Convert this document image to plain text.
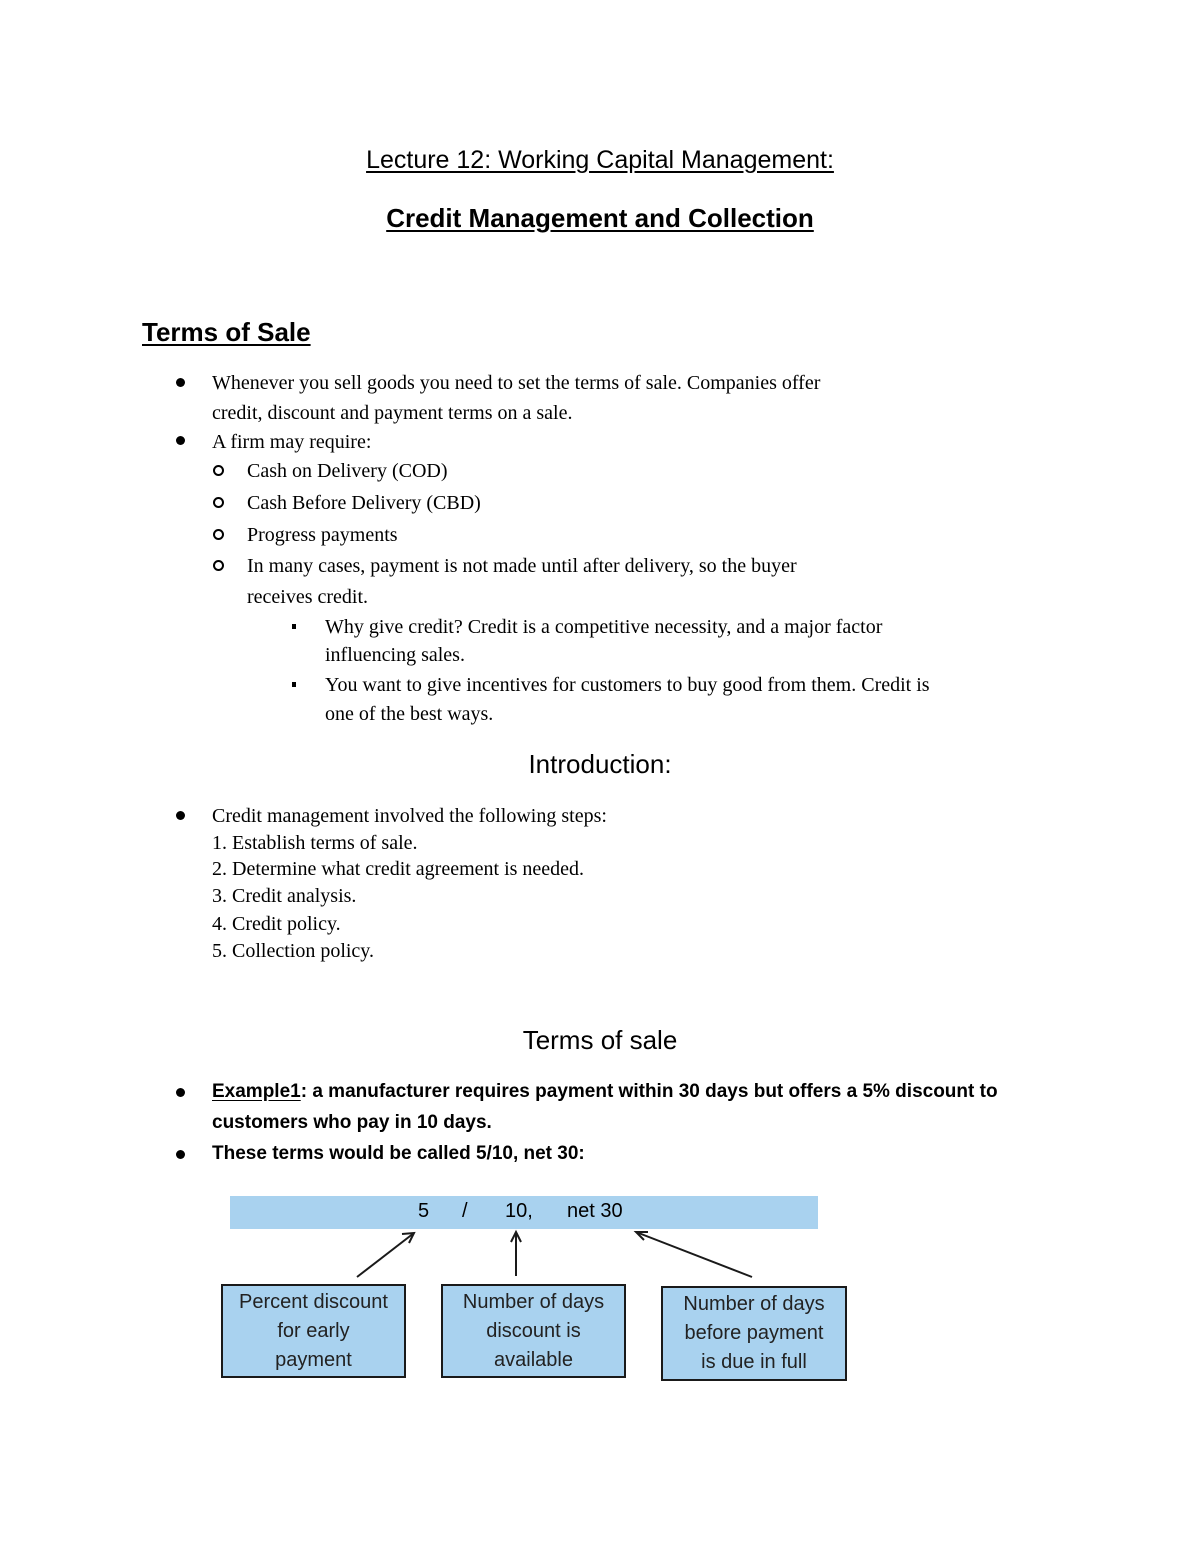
Lecture 12: Working Capital Management:
Credit Management and Collection
Terms of Sale
Whenever you sell goods you need to set the terms of sale. Companies offer
credit, discount and payment terms on a sale.
A firm may require:
Cash on Delivery (COD)
Cash Before Delivery (CBD)
Progress payments
In many cases, payment is not made until after delivery, so the buyer
receives credit.
Why give credit? Credit is a competitive necessity, and a major factor
influencing sales.
You want to give incentives for customers to buy good from them. Credit is
one of the best ways.
Introduction:
Credit management involved the following steps:
1. Establish terms of sale.
2. Determine what credit agreement is needed.
3. Credit analysis.
4. Credit policy.
5. Collection policy.
Terms of sale
Example1: a manufacturer requires payment within 30 days but offers a 5% discount to
customers who pay in 10 days.
These terms would be called 5/10, net 30:
5 / 10, net 30
Percent discount
for early
payment
Number of days
discount is
available
Number of days
before payment
is due in full
